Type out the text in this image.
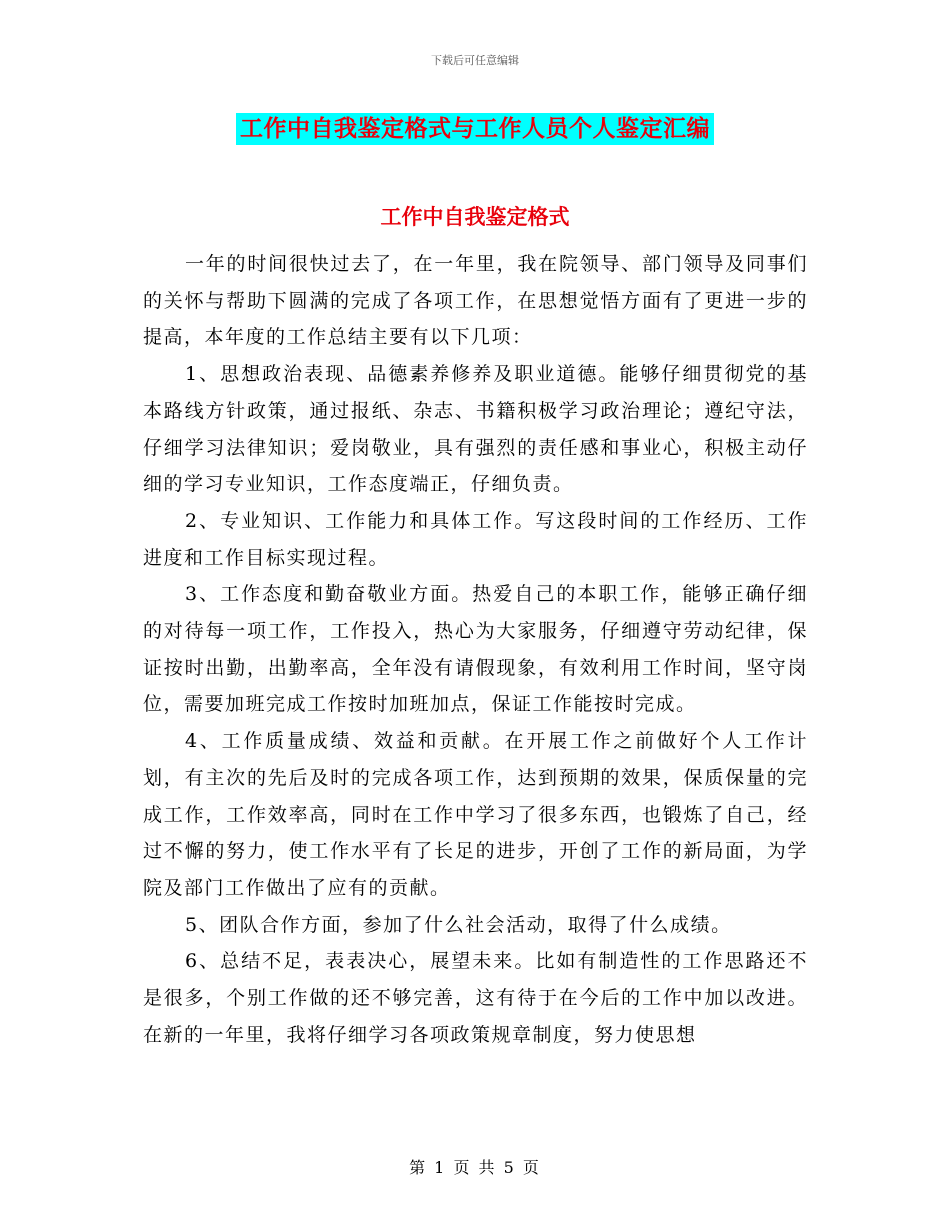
下载后可任意编辑
工作中自我鉴定格式与工作人员个人鉴定汇编
工作中自我鉴定格式

一年的时间很快过去了，在一年里，我在院领导、部门领导及同事们的关怀与帮助下圆满的完成了各项工作，在思想觉悟方面有了更进一步的提高，本年度的工作总结主要有以下几项：

1、思想政治表现、品德素养修养及职业道德。能够仔细贯彻党的基本路线方针政策，通过报纸、杂志、书籍积极学习政治理论；遵纪守法，仔细学习法律知识；爱岗敬业，具有强烈的责任感和事业心，积极主动仔细的学习专业知识，工作态度端正，仔细负责。

2、专业知识、工作能力和具体工作。写这段时间的工作经历、工作进度和工作目标实现过程。

3、工作态度和勤奋敬业方面。热爱自己的本职工作，能够正确仔细的对待每一项工作，工作投入，热心为大家服务，仔细遵守劳动纪律，保证按时出勤，出勤率高，全年没有请假现象，有效利用工作时间，坚守岗位，需要加班完成工作按时加班加点，保证工作能按时完成。

4、工作质量成绩、效益和贡献。在开展工作之前做好个人工作计划，有主次的先后及时的完成各项工作，达到预期的效果，保质保量的完成工作，工作效率高，同时在工作中学习了很多东西，也锻炼了自己，经过不懈的努力，使工作水平有了长足的进步，开创了工作的新局面，为学院及部门工作做出了应有的贡献。

5、团队合作方面，参加了什么社会活动，取得了什么成绩。

6、总结不足，表表决心，展望未来。比如有制造性的工作思路还不是很多，个别工作做的还不够完善，这有待于在今后的工作中加以改进。在新的一年里，我将仔细学习各项政策规章制度，努力使思想

第 1 页 共 5 页
